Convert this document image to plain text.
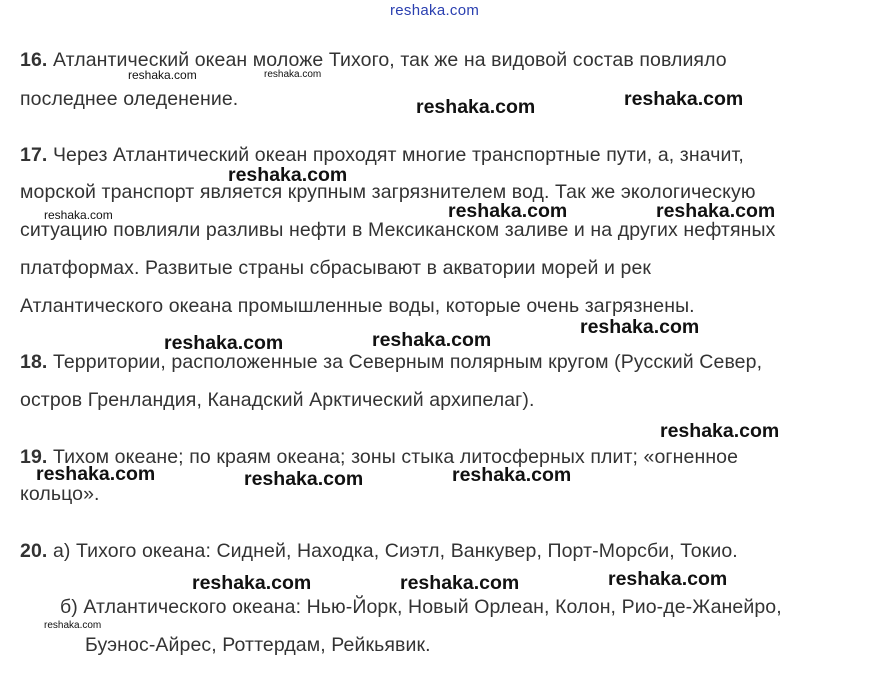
reshaka.com
16. Атлантический океан моложе Тихого, так же на видовой состав повлияло
последнее оледенение.
17. Через Атлантический океан проходят многие транспортные пути, а, значит,
морской транспорт является крупным загрязнителем вод. Так же экологическую
ситуацию повлияли разливы нефти в Мексиканском заливе и на других нефтяных
платформах. Развитые страны сбрасывают в акватории морей и рек
Атлантического океана промышленные воды, которые очень загрязнены.
18. Территории, расположенные за Северным полярным кругом (Русский Север,
остров Гренландия, Канадский Арктический архипелаг).
19. Тихом океане; по краям океана; зоны стыка литосферных плит; «огненное
кольцо».
20. а) Тихого океана: Сидней, Находка, Сиэтл, Ванкувер, Порт-Морсби, Токио.
б) Атлантического океана: Нью-Йорк, Новый Орлеан, Колон, Рио-де-Жанейро,
Буэнос-Айрес, Роттердам, Рейкьявик.
reshaka.com	reshaka.com
reshaka.com
reshaka.com	reshaka.com
reshaka.com
reshaka.com
reshaka.com
reshaka.com
reshaka.com	reshaka.com
reshaka.com
reshaka.com
reshaka.com	reshaka.com
reshaka.com	reshaka.com
reshaka.com
reshaka.com
